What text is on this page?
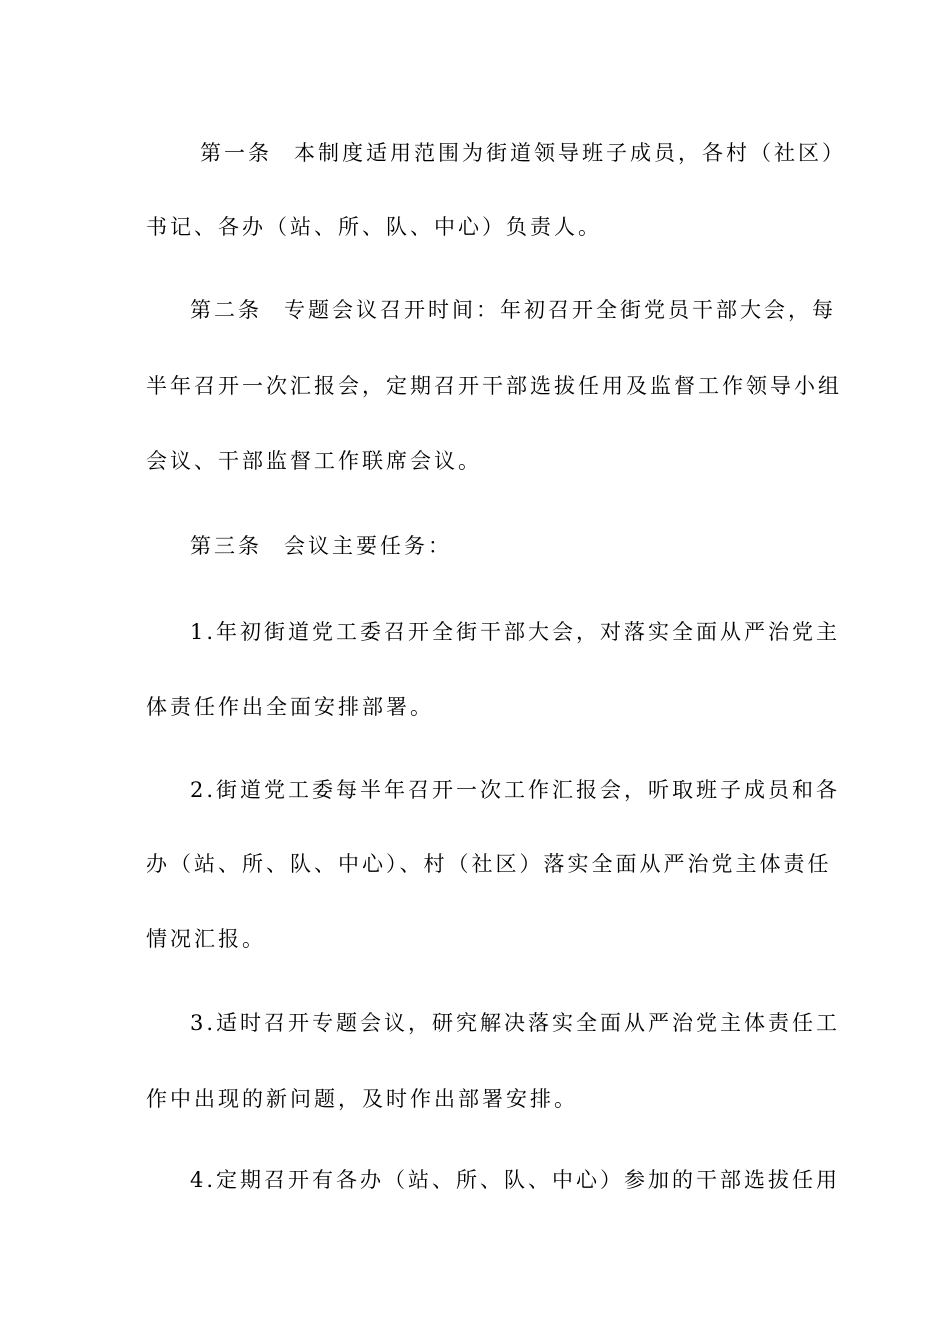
第一条 本制度适用范围为街道领导班子成员，各村（社区）
书记、各办（站、所、队、中心）负责人。
第二条 专题会议召开时间：年初召开全街党员干部大会，每
半年召开一次汇报会，定期召开干部选拔任用及监督工作领导小组
会议、干部监督工作联席会议。
第三条 会议主要任务：
1.年初街道党工委召开全街干部大会，对落实全面从严治党主
体责任作出全面安排部署。
2.街道党工委每半年召开一次工作汇报会，听取班子成员和各
办（站、所、队、中心）、村（社区）落实全面从严治党主体责任
情况汇报。
3.适时召开专题会议，研究解决落实全面从严治党主体责任工
作中出现的新问题，及时作出部署安排。
4.定期召开有各办（站、所、队、中心）参加的干部选拔任用
